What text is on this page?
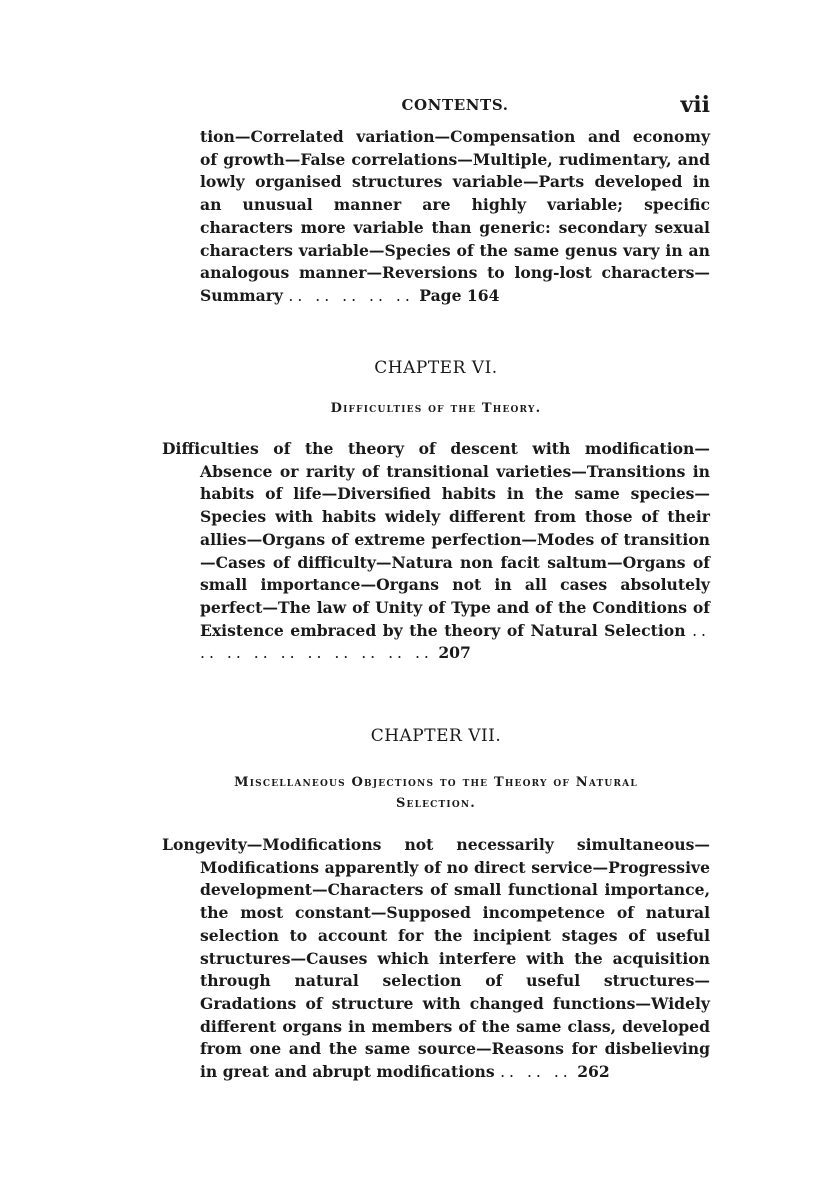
CONTENTS.	vii

tion—Correlated variation—Compensation and economy of growth—False correlations—Multiple, rudimentary, and lowly organised structures variable—Parts developed in an unusual manner are highly variable; specific characters more variable than generic: secondary sexual characters variable—Species of the same genus vary in an analogous manner—Reversions to long-lost characters—Summary .. .. .. .. .. Page 164

CHAPTER VI.
Difficulties of the Theory.

Difficulties of the theory of descent with modification—Absence or rarity of transitional varieties—Transitions in habits of life—Diversified habits in the same species—Species with habits widely different from those of their allies—Organs of extreme perfection—Modes of transition—Cases of difficulty—Natura non facit saltum—Organs of small importance—Organs not in all cases absolutely perfect—The law of Unity of Type and of the Conditions of Existence embraced by the theory of Natural Selection .. .. .. .. .. .. .. .. .. .. 207

CHAPTER VII.
Miscellaneous Objections to the Theory of Natural Selection.

Longevity—Modifications not necessarily simultaneous—Modifications apparently of no direct service—Progressive development—Characters of small functional importance, the most constant—Supposed incompetence of natural selection to account for the incipient stages of useful structures—Causes which interfere with the acquisition through natural selection of useful structures—Gradations of structure with changed functions—Widely different organs in members of the same class, developed from one and the same source—Reasons for disbelieving in great and abrupt modifications .. .. .. 262
